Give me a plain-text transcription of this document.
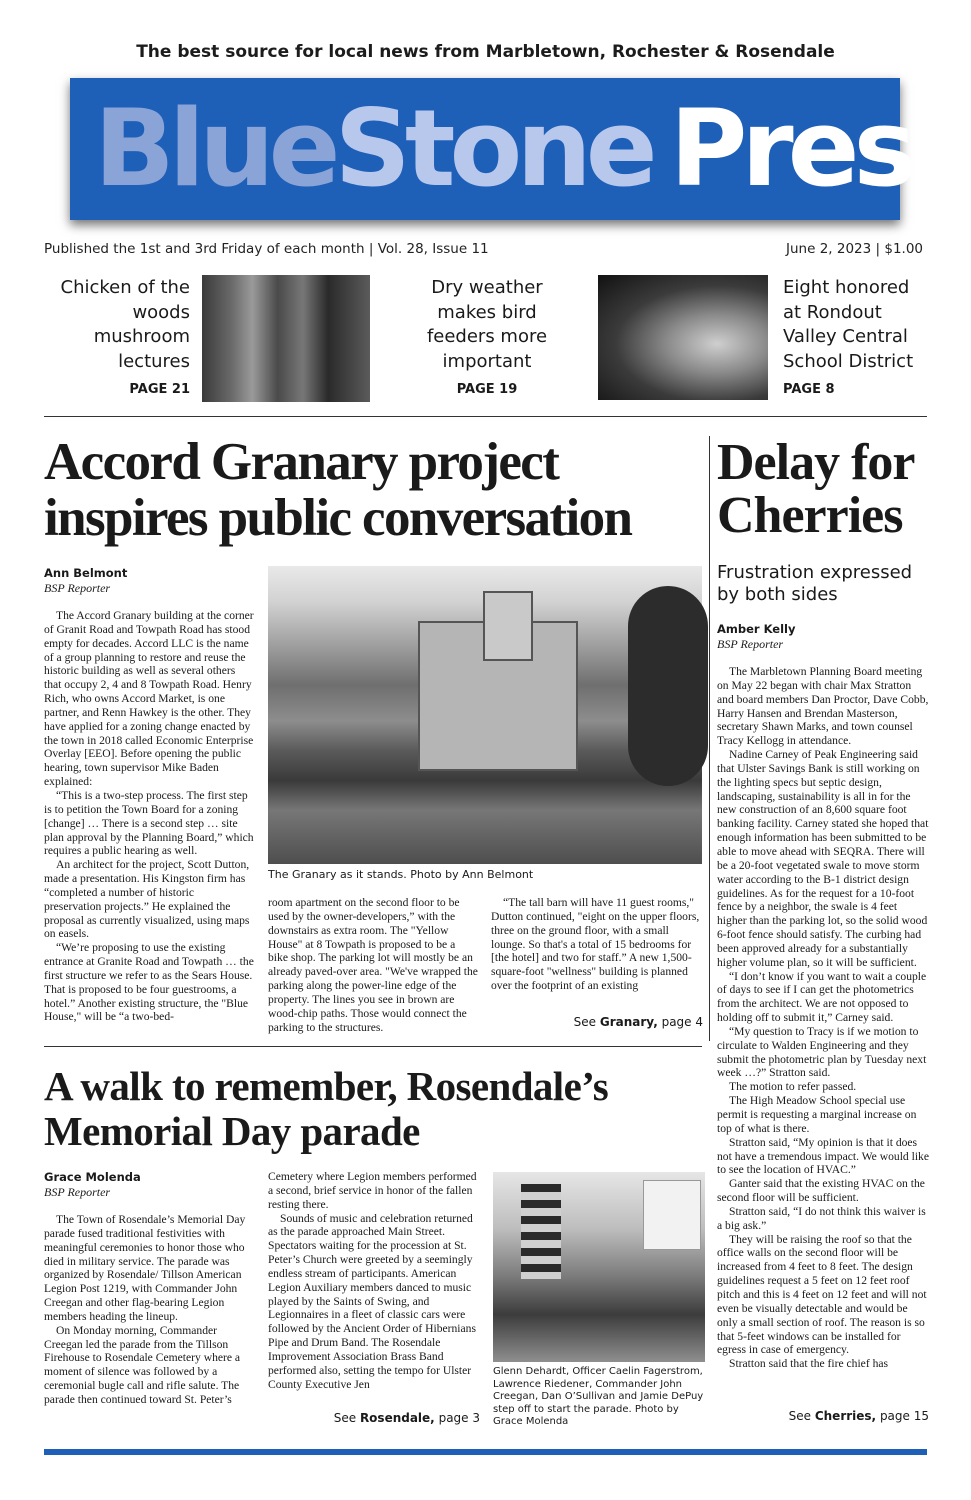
The best source for local news from Marbletown, Rochester & Rosendale
BlueStone Press
Published the 1st and 3rd Friday of each month | Vol. 28, Issue 11	June 2, 2023 | $1.00
Chicken of the woods mushroom lectures
PAGE 21
Dry weather makes bird feeders more important
PAGE 19
Eight honored at Rondout Valley Central School District
PAGE 8
Accord Granary project inspires public conversation
Ann Belmont
BSP Reporter

The Accord Granary building at the corner of Granit Road and Towpath Road has stood empty for decades. Accord LLC is the name of a group planning to restore and reuse the historic building as well as several others that occupy 2, 4 and 8 Towpath Road. Henry Rich, who owns Accord Market, is one partner, and Renn Hawkey is the other. They have applied for a zoning change enacted by the town in 2018 called Economic Enterprise Overlay [EEO]. Before opening the public hearing, town supervisor Mike Baden explained:

“This is a two-step process. The first step is to petition the Town Board for a zoning [change] … There is a second step … site plan approval by the Planning Board,” which requires a public hearing as well.

An architect for the project, Scott Dutton, made a presentation. His Kingston firm has “completed a number of historic preservation projects.” He explained the proposal as currently visualized, using maps on easels.

“We’re proposing to use the existing entrance at Granite Road and Towpath … the first structure we refer to as the Sears House. That is proposed to be four guestrooms, a hotel.” Another existing structure, the "Blue House," will be “a two-bed-

The Granary as it stands. Photo by Ann Belmont
room apartment on the second floor to be used by the owner-developers,” with the downstairs as extra room. The "Yellow House" at 8 Towpath is proposed to be a bike shop. The parking lot will mostly be an already paved-over area. "We've wrapped the parking along the power-line edge of the property. The lines you see in brown are wood-chip paths. Those would connect the parking to the structures.

“The tall barn will have 11 guest rooms," Dutton continued, "eight on the upper floors, three on the ground floor, with a small lounge. So that's a total of 15 bedrooms for [the hotel] and two for staff.” A new 1,500-square-foot "wellness" building is planned over the footprint of an existing

See Granary, page 4
Delay for Cherries
Frustration expressed by both sides
Amber Kelly
BSP Reporter

The Marbletown Planning Board meeting on May 22 began with chair Max Stratton and board members Dan Proctor, Dave Cobb, Harry Hansen and Brendan Masterson, secretary Shawn Marks, and town counsel Tracy Kellogg in attendance.

Nadine Carney of Peak Engineering said that Ulster Savings Bank is still working on the lighting specs but septic design, landscaping, sustainability is all in for the new construction of an 8,600 square foot banking facility. Carney stated she hoped that enough information has been submitted to be able to move ahead with SEQRA. There will be a 20-foot vegetated swale to move storm water according to the B-1 district design guidelines. As for the request for a 10-foot fence by a neighbor, the swale is 4 feet higher than the parking lot, so the solid wood 6-foot fence should satisfy. The curbing had been approved already for a substantially higher volume plan, so it will be sufficient.

“I don’t know if you want to wait a couple of days to see if I can get the photometrics from the architect. We are not opposed to holding off to submit it,” Carney said.

“My question to Tracy is if we motion to circulate to Walden Engineering and they submit the photometric plan by Tuesday next week …?” Stratton said.

The motion to refer passed.

The High Meadow School special use permit is requesting a marginal increase on top of what is there.

Stratton said, “My opinion is that it does not have a tremendous impact. We would like to see the location of HVAC.”

Ganter said that the existing HVAC on the second floor will be sufficient.

Stratton said, “I do not think this waiver is a big ask.”

They will be raising the roof so that the office walls on the second floor will be increased from 4 feet to 8 feet. The design guidelines request a 5 feet on 12 feet roof pitch and this is 4 feet on 12 feet and will not even be visually detectable and would be only a small section of roof. The reason is so that 5-feet windows can be installed for egress in case of emergency.

Stratton said that the fire chief has

See Cherries, page 15
A walk to remember, Rosendale’s Memorial Day parade
Grace Molenda
BSP Reporter

The Town of Rosendale’s Memorial Day parade fused traditional festivities with meaningful ceremonies to honor those who died in military service. The parade was organized by Rosendale/ Tillson American Legion Post 1219, with Commander John Creegan and other flag-bearing Legion members heading the lineup.

On Monday morning, Commander Creegan led the parade from the Tillson Firehouse to Rosendale Cemetery where a moment of silence was followed by a ceremonial bugle call and rifle salute. The parade then continued toward St. Peter’s

Cemetery where Legion members performed a second, brief service in honor of the fallen resting there.

Sounds of music and celebration returned as the parade approached Main Street. Spectators waiting for the procession at St. Peter’s Church were greeted by a seemingly endless stream of participants. American Legion Auxiliary members danced to music played by the Saints of Swing, and Legionnaires in a fleet of classic cars were followed by the Ancient Order of Hibernians Pipe and Drum Band. The Rosendale Improvement Association Brass Band performed also, setting the tempo for Ulster County Executive Jen

See Rosendale, page 3
Glenn Dehardt, Officer Caelin Fagerstrom, Lawrence Riedener, Commander John Creegan, Dan O’Sullivan and Jamie DePuy step off to start the parade. Photo by Grace Molenda
